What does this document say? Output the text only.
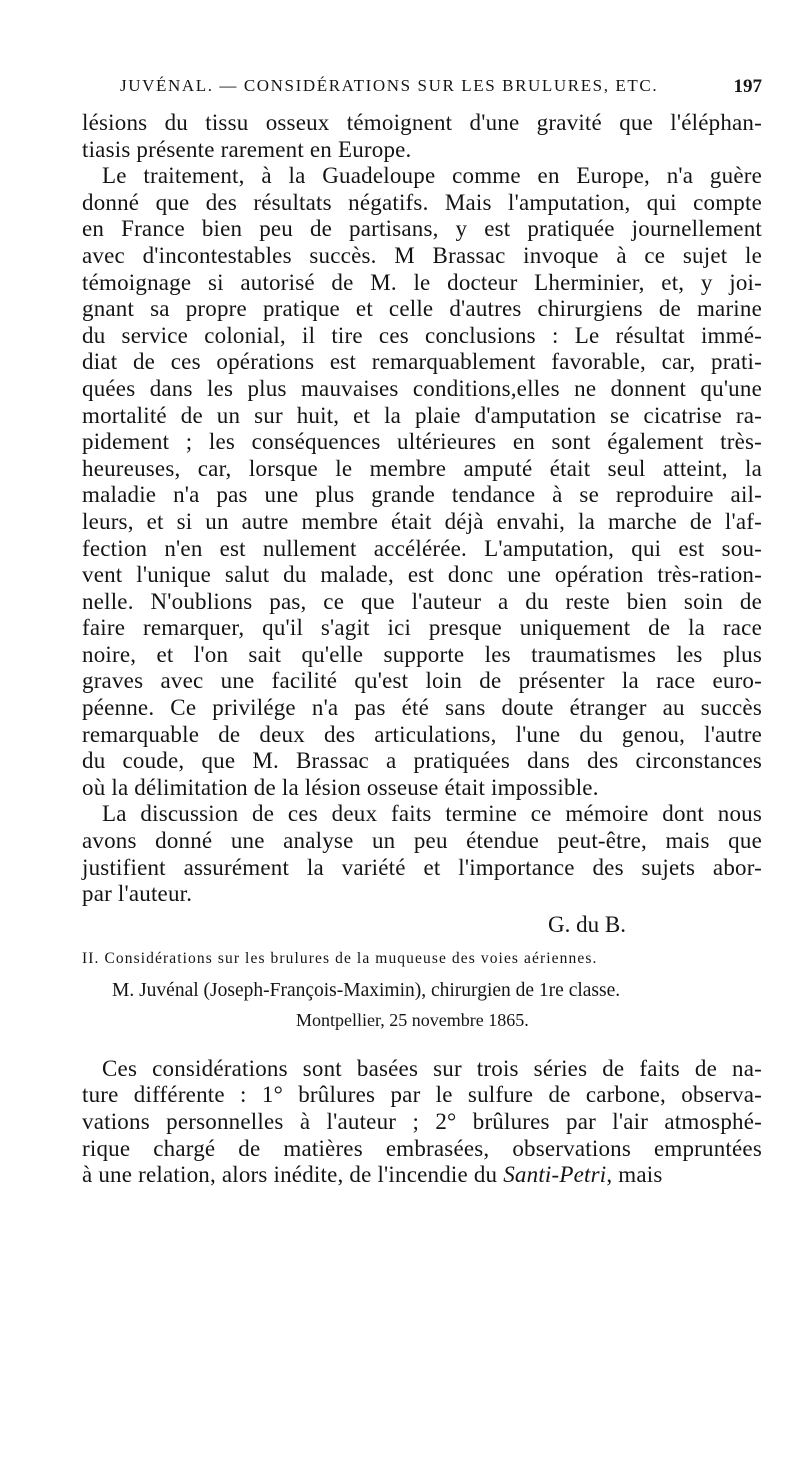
JUVÉNAL. — CONSIDÉRATIONS SUR LES BRULURES, ETC.	197
lésions du tissu osseux témoignent d'une gravité que l'éléphan-
tiasis présente rarement en Europe.
Le traitement, à la Guadeloupe comme en Europe, n'a guère
donné que des résultats négatifs. Mais l'amputation, qui compte
en France bien peu de partisans, y est pratiquée journellement
avec d'incontestables succès. M Brassac invoque à ce sujet le
témoignage si autorisé de M. le docteur Lherminier, et, y joi-
gnant sa propre pratique et celle d'autres chirurgiens de marine
du service colonial, il tire ces conclusions : Le résultat immé-
diat de ces opérations est remarquablement favorable, car, prati-
quées dans les plus mauvaises conditions,elles ne donnent qu'une
mortalité de un sur huit, et la plaie d'amputation se cicatrise ra-
pidement ; les conséquences ultérieures en sont également très-
heureuses, car, lorsque le membre amputé était seul atteint, la
maladie n'a pas une plus grande tendance à se reproduire ail-
leurs, et si un autre membre était déjà envahi, la marche de l'af-
fection n'en est nullement accélérée. L'amputation, qui est sou-
vent l'unique salut du malade, est donc une opération très-ration-
nelle. N'oublions pas, ce que l'auteur a du reste bien soin de
faire remarquer, qu'il s'agit ici presque uniquement de la race
noire, et l'on sait qu'elle supporte les traumatismes les plus
graves avec une facilité qu'est loin de présenter la race euro-
péenne. Ce privilége n'a pas été sans doute étranger au succès
remarquable de deux des articulations, l'une du genou, l'autre
du coude, que M. Brassac a pratiquées dans des circonstances
où la délimitation de la lésion osseuse était impossible.
La discussion de ces deux faits termine ce mémoire dont nous
avons donné une analyse un peu étendue peut-être, mais que
justifient assurément la variété et l'importance des sujets abor-
par l'auteur.
G. du B.
II. Considérations sur les brulures de la muqueuse des voies aériennes.
M. Juvénal (Joseph-François-Maximin), chirurgien de 1re classe.
Montpellier, 25 novembre 1865.
Ces considérations sont basées sur trois séries de faits de na-
ture différente : 1° brûlures par le sulfure de carbone, observa-
vations personnelles à l'auteur ; 2° brûlures par l'air atmosphé-
rique chargé de matières embrasées, observations empruntées
à une relation, alors inédite, de l'incendie du Santi-Petri, mais
